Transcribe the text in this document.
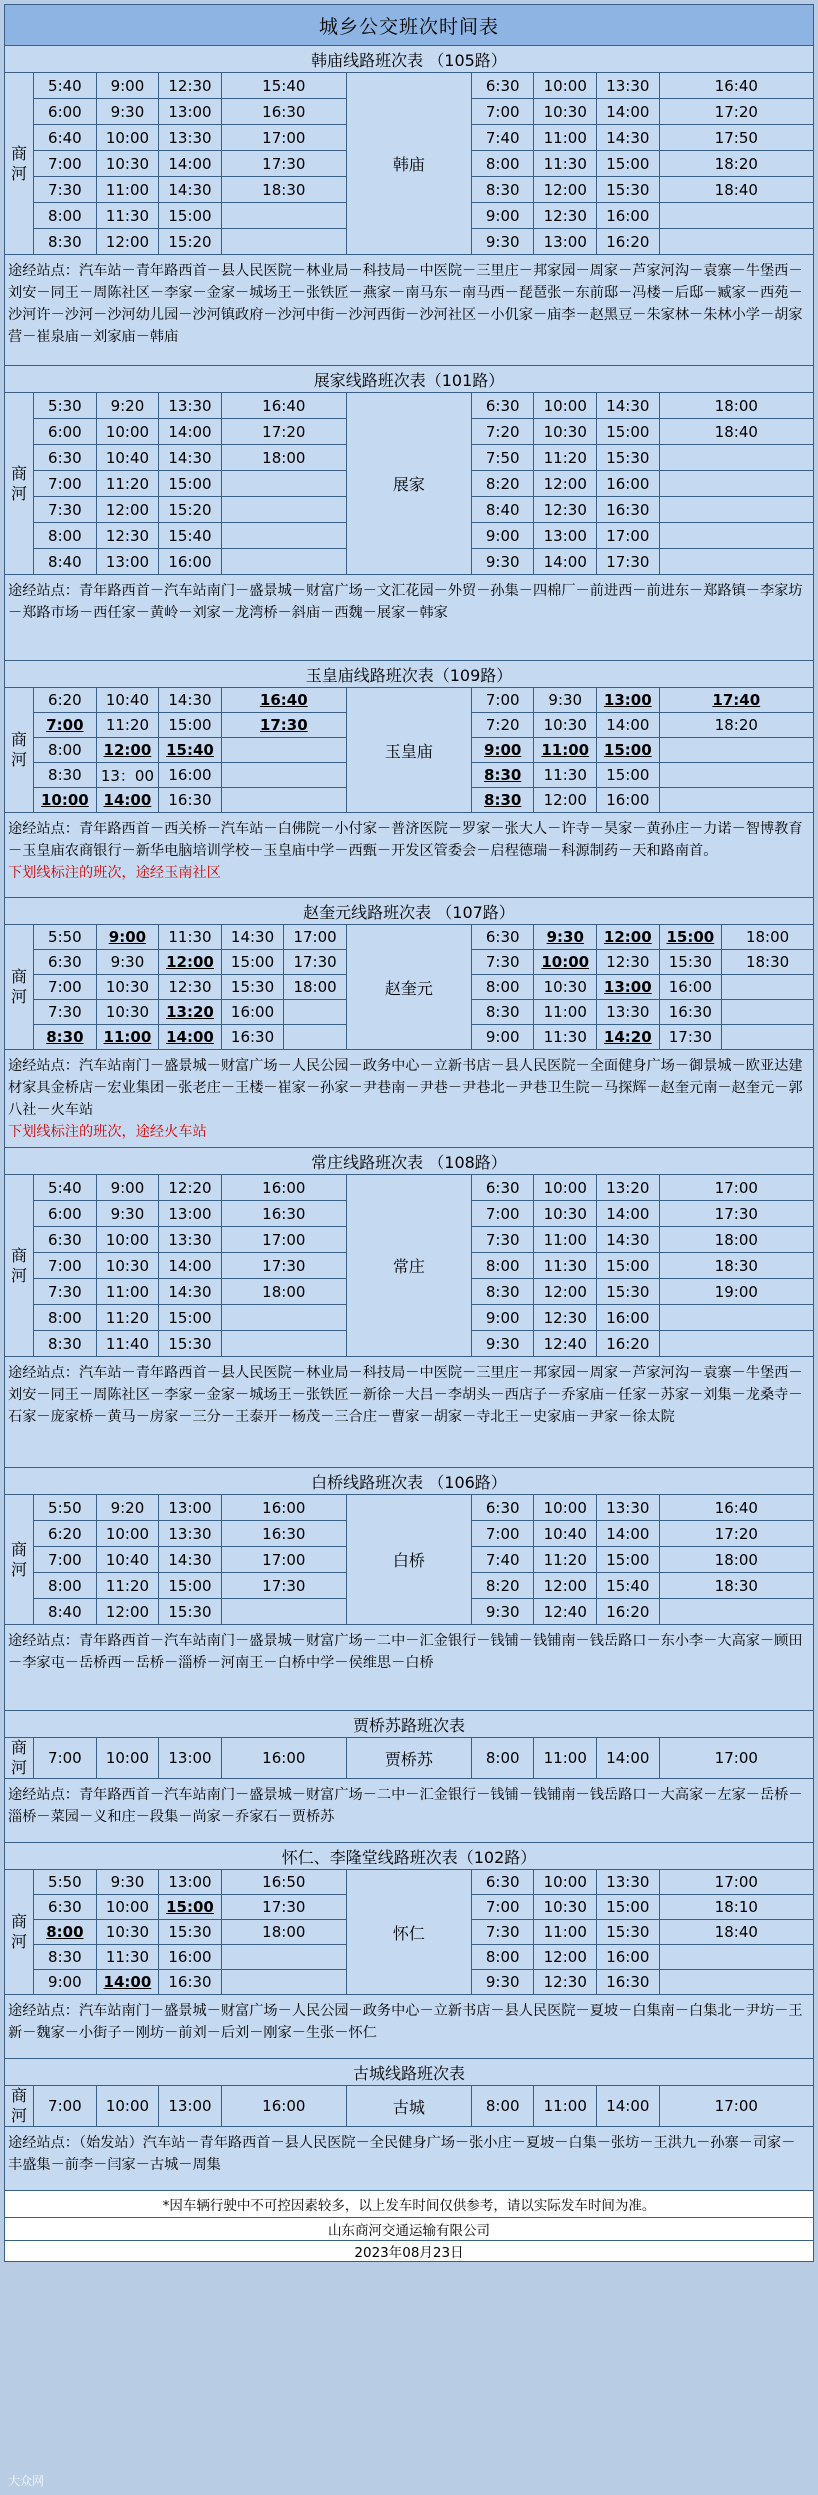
城乡公交班次时间表											
韩庙线路班次表 （105路）											
商
河	5:40	9:00	12:30	15:40		韩庙	6:30	10:00	13:30	16:40	
	6:00	9:30	13:00	16:30			7:00	10:30	14:00	17:20	
	6:40	10:00	13:30	17:00			7:40	11:00	14:30	17:50	
	7:00	10:30	14:00	17:30			8:00	11:30	15:00	18:20	
	7:30	11:00	14:30	18:30			8:30	12:00	15:30	18:40	
	8:00	11:30	15:00				9:00	12:30	16:00		
	8:30	12:00	15:20				9:30	13:00	16:20		
途经站点：汽车站－青年路西首－县人民医院－林业局－科技局－中医院－三里庄－邦家园－周家－芦家河沟－袁寨－牛堡西－刘安－同王－周陈社区－李家－金家－城场王－张铁匠－燕家－南马东－南马西－琵琶张－东前邸－冯楼－后邸－臧家－西苑－沙河许－沙河－沙河幼儿园－沙河镇政府－沙河中街－沙河西街－沙河社区－小仉家－庙李－赵黑豆－朱家林－朱林小学－胡家营－崔泉庙－刘家庙－韩庙											
展家线路班次表（101路）											
商
河	5:30	9:20	13:30	16:40		展家	6:30	10:00	14:30	18:00	
	6:00	10:00	14:00	17:20			7:20	10:30	15:00	18:40	
	6:30	10:40	14:30	18:00			7:50	11:20	15:30		
	7:00	11:20	15:00				8:20	12:00	16:00		
	7:30	12:00	15:20				8:40	12:30	16:30		
	8:00	12:30	15:40				9:00	13:00	17:00		
	8:40	13:00	16:00				9:30	14:00	17:30		
途经站点：青年路西首－汽车站南门－盛景城－财富广场－文汇花园－外贸－孙集－四棉厂－前进西－前进东－郑路镇－李家坊－郑路市场－西任家－黄岭－刘家－龙湾桥－斜庙－西魏－展家－韩家											
玉皇庙线路班次表（109路）											
商
河	6:20	10:40	14:30	16:40		玉皇庙	7:00	9:30	13:00	17:40	
	7:00	11:20	15:00	17:30			7:20	10:30	14:00	18:20	
	8:00	12:00	15:40				9:00	11:00	15:00		
	8:30	13：00	16:00				8:30	11:30	15:00		
	10:00	14:00	16:30				8:30	12:00	16:00		
途经站点：青年路西首－西关桥－汽车站－白佛院－小付家－普济医院－罗家－张大人－许寺－昊家－黄孙庄－力诺－智博教育－玉皇庙农商银行－新华电脑培训学校－玉皇庙中学－西甄－开发区管委会－启程德瑞－科源制药－天和路南首。
下划线标注的班次，途经玉南社区											
赵奎元线路班次表 （107路）											
商
河	5:50	9:00	11:30	14:30	17:00	赵奎元	6:30	9:30	12:00	15:00	18:00
	6:30	9:30	12:00	15:00	17:30		7:30	10:00	12:30	15:30	18:30
	7:00	10:30	12:30	15:30	18:00		8:00	10:30	13:00	16:00	
	7:30	10:30	13:20	16:00			8:30	11:00	13:30	16:30	
	8:30	11:00	14:00	16:30			9:00	11:30	14:20	17:30	
途经站点：汽车站南门－盛景城－财富广场－人民公园－政务中心－立新书店－县人民医院－全面健身广场－御景城－欧亚达建材家具金桥店－宏业集团－张老庄－王楼－崔家－孙家－尹巷南－尹巷－尹巷北－尹巷卫生院－马探辉－赵奎元南－赵奎元－郭八社－火车站
下划线标注的班次，途经火车站											
常庄线路班次表 （108路）											
商
河	5:40	9:00	12:20	16:00		常庄	6:30	10:00	13:20	17:00	
	6:00	9:30	13:00	16:30			7:00	10:30	14:00	17:30	
	6:30	10:00	13:30	17:00			7:30	11:00	14:30	18:00	
	7:00	10:30	14:00	17:30			8:00	11:30	15:00	18:30	
	7:30	11:00	14:30	18:00			8:30	12:00	15:30	19:00	
	8:00	11:20	15:00				9:00	12:30	16:00		
	8:30	11:40	15:30				9:30	12:40	16:20		
途经站点：汽车站－青年路西首－县人民医院－林业局－科技局－中医院－三里庄－邦家园－周家－芦家河沟－袁寨－牛堡西－刘安－同王－周陈社区－李家－金家－城场王－张铁匠－新徐－大吕－李胡头－西店子－乔家庙－任家－苏家－刘集－龙桑寺－石家－庞家桥－黄马－房家－三分－王泰开－杨茂－三合庄－曹家－胡家－寺北王－史家庙－尹家－徐太院											
白桥线路班次表 （106路）											
商
河	5:50	9:20	13:00	16:00		白桥	6:30	10:00	13:30	16:40	
	6:20	10:00	13:30	16:30			7:00	10:40	14:00	17:20	
	7:00	10:40	14:30	17:00			7:40	11:20	15:00	18:00	
	8:00	11:20	15:00	17:30			8:20	12:00	15:40	18:30	
	8:40	12:00	15:30				9:30	12:40	16:20		
途经站点：青年路西首－汽车站南门－盛景城－财富广场－二中－汇金银行－钱铺－钱铺南－钱岳路口－东小李－大高家－顾田－李家屯－岳桥西－岳桥－淄桥－河南王－白桥中学－侯维思－白桥											
贾桥苏路班次表											
商河	7:00	10:00	13:00	16:00		贾桥苏	8:00	11:00	14:00	17:00	
途经站点：青年路西首－汽车站南门－盛景城－财富广场－二中－汇金银行－钱铺－钱铺南－钱岳路口－大高家－左家－岳桥－淄桥－菜园－义和庄－段集－尚家－乔家石－贾桥苏											
怀仁、李隆堂线路班次表（102路）											
商
河	5:50	9:30	13:00	16:50		怀仁	6:30	10:00	13:30	17:00	
	6:30	10:00	15:00	17:30			7:00	10:30	15:00	18:10	
	8:00	10:30	15:30	18:00			7:30	11:00	15:30	18:40	
	8:30	11:30	16:00				8:00	12:00	16:00		
	9:00	14:00	16:30				9:30	12:30	16:30		
途经站点：汽车站南门－盛景城－财富广场－人民公园－政务中心－立新书店－县人民医院－夏坡－白集南－白集北－尹坊－王新－魏家－小街子－刚坊－前刘－后刘－刚家－生张－怀仁											
古城线路班次表											
商河	7:00	10:00	13:00	16:00		古城	8:00	11:00	14:00	17:00	
途经站点：（始发站）汽车站－青年路西首－县人民医院－全民健身广场－张小庄－夏坡－白集－张坊－王洪九－孙寨－司家－丰盛集－前李－闫家－古城－周集											
*因车辆行驶中不可控因素较多，以上发车时间仅供参考，请以实际发车时间为准。											
山东商河交通运输有限公司											
2023年08月23日											
大众网
